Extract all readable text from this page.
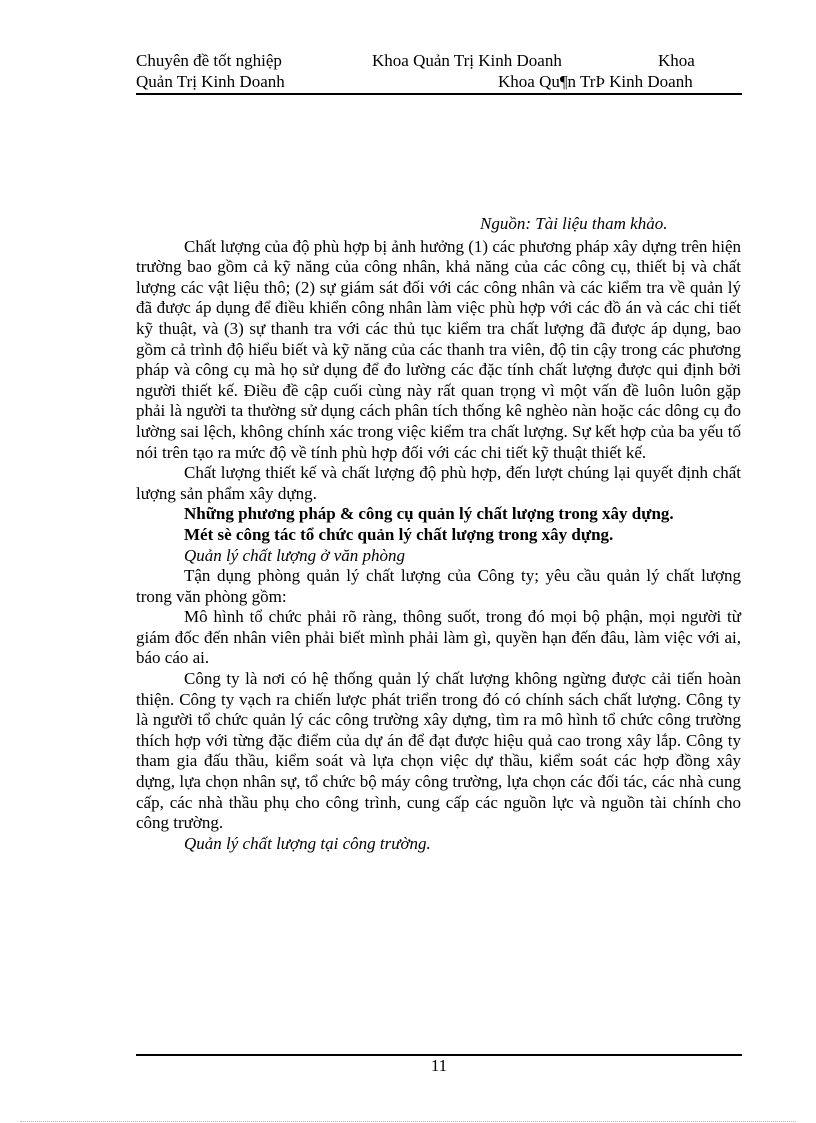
Chuyên đề tốt nghiệp	Khoa Quản Trị Kinh Doanh	Khoa
Quản Trị Kinh Doanh	Khoa Qu¶n TrÞ Kinh Doanh

Nguồn: Tài liệu tham khảo.

Chất lượng của độ phù hợp bị ảnh hưởng (1) các phương pháp xây dựng trên hiện trường bao gồm cả kỹ năng của công nhân, khả năng của các công cụ, thiết bị và chất lượng các vật liệu thô; (2) sự giám sát đối với các công nhân và các kiểm tra về quản lý đã được áp dụng để điều khiển công nhân làm việc phù hợp với các đồ án và các chi tiết kỹ thuật, và (3) sự thanh tra với các thủ tục kiểm tra chất lượng đã được áp dụng, bao gồm cả trình độ hiểu biết và kỹ năng của các thanh tra viên, độ tin cậy trong các phương pháp và công cụ mà họ sử dụng để đo lường các đặc tính chất lượng được qui định bởi người thiết kế. Điều đề cập cuối cùng này rất quan trọng vì một vấn đề luôn luôn gặp phải là người ta thường sử dụng cách phân tích thống kê nghèo nàn hoặc các dông cụ đo lường sai lệch, không chính xác trong việc kiểm tra chất lượng. Sự kết hợp của ba yếu tố nói trên tạo ra mức độ về tính phù hợp đối với các chi tiết kỹ thuật thiết kế.

Chất lượng thiết kế và chất lượng độ phù hợp, đến lượt chúng lại quyết định chất lượng sản phẩm xây dựng.

Những phương pháp & công cụ quản lý chất lượng trong xây dựng.

Mét sè công tác tổ chức quản lý chất lượng trong xây dựng.

Quản lý chất lượng ở văn phòng

Tận dụng phòng quản lý chất lượng của Công ty; yêu cầu quản lý chất lượng trong văn phòng gồm:

Mô hình tổ chức phải rõ ràng, thông suốt, trong đó mọi bộ phận, mọi người từ giám đốc đến nhân viên phải biết mình phải làm gì, quyền hạn đến đâu, làm việc với ai, báo cáo ai.

Công ty là nơi có hệ thống quản lý chất lượng không ngừng được cải tiến hoàn thiện. Công ty vạch ra chiến lược phát triển trong đó có chính sách chất lượng. Công ty là người tổ chức quản lý các công trường xây dựng, tìm ra mô hình tổ chức công trường thích hợp với từng đặc điểm của dự án để đạt được hiệu quả cao trong xây lắp. Công ty tham gia đấu thầu, kiểm soát và lựa chọn việc dự thầu, kiểm soát các hợp đồng xây dựng, lựa chọn nhân sự, tổ chức bộ máy công trường, lựa chọn các đối tác, các nhà cung cấp, các nhà thầu phụ cho công trình, cung cấp các nguồn lực và nguồn tài chính cho công trường.

Quản lý chất lượng tại công trường.

11
